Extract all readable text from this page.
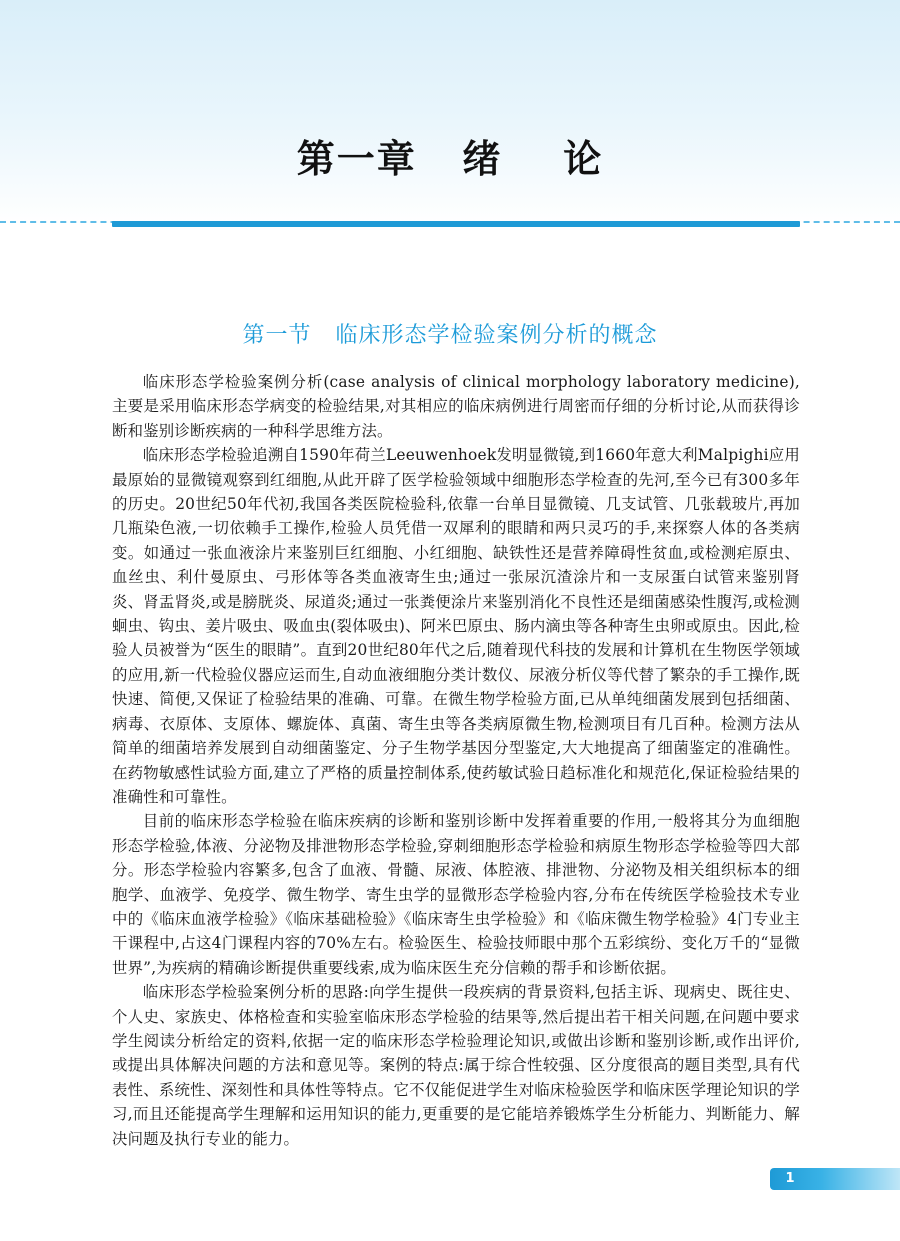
第一章   绪    论
第一节   临床形态学检验案例分析的概念

临床形态学检验案例分析(case analysis of clinical morphology laboratory medicine),主要是采用临床形态学病变的检验结果,对其相应的临床病例进行周密而仔细的分析讨论,从而获得诊断和鉴别诊断疾病的一种科学思维方法。

临床形态学检验追溯自1590年荷兰Leeuwenhoek发明显微镜,到1660年意大利Malpighi应用最原始的显微镜观察到红细胞,从此开辟了医学检验领域中细胞形态学检查的先河,至今已有300多年的历史。20世纪50年代初,我国各类医院检验科,依靠一台单目显微镜、几支试管、几张载玻片,再加几瓶染色液,一切依赖手工操作,检验人员凭借一双犀利的眼睛和两只灵巧的手,来探察人体的各类病变。如通过一张血液涂片来鉴别巨红细胞、小红细胞、缺铁性还是营养障碍性贫血,或检测疟原虫、血丝虫、利什曼原虫、弓形体等各类血液寄生虫;通过一张尿沉渣涂片和一支尿蛋白试管来鉴别肾炎、肾盂肾炎,或是膀胱炎、尿道炎;通过一张粪便涂片来鉴别消化不良性还是细菌感染性腹泻,或检测蛔虫、钩虫、姜片吸虫、吸血虫(裂体吸虫)、阿米巴原虫、肠内滴虫等各种寄生虫卵或原虫。因此,检验人员被誉为“医生的眼睛”。直到20世纪80年代之后,随着现代科技的发展和计算机在生物医学领域的应用,新一代检验仪器应运而生,自动血液细胞分类计数仪、尿液分析仪等代替了繁杂的手工操作,既快速、简便,又保证了检验结果的准确、可靠。在微生物学检验方面,已从单纯细菌发展到包括细菌、病毒、衣原体、支原体、螺旋体、真菌、寄生虫等各类病原微生物,检测项目有几百种。检测方法从简单的细菌培养发展到自动细菌鉴定、分子生物学基因分型鉴定,大大地提高了细菌鉴定的准确性。在药物敏感性试验方面,建立了严格的质量控制体系,使药敏试验日趋标准化和规范化,保证检验结果的准确性和可靠性。

目前的临床形态学检验在临床疾病的诊断和鉴别诊断中发挥着重要的作用,一般将其分为血细胞形态学检验,体液、分泌物及排泄物形态学检验,穿刺细胞形态学检验和病原生物形态学检验等四大部分。形态学检验内容繁多,包含了血液、骨髓、尿液、体腔液、排泄物、分泌物及相关组织标本的细胞学、血液学、免疫学、微生物学、寄生虫学的显微形态学检验内容,分布在传统医学检验技术专业中的《临床血液学检验》《临床基础检验》《临床寄生虫学检验》和《临床微生物学检验》4门专业主干课程中,占这4门课程内容的70%左右。检验医生、检验技师眼中那个五彩缤纷、变化万千的“显微世界”,为疾病的精确诊断提供重要线索,成为临床医生充分信赖的帮手和诊断依据。

临床形态学检验案例分析的思路:向学生提供一段疾病的背景资料,包括主诉、现病史、既往史、个人史、家族史、体格检查和实验室临床形态学检验的结果等,然后提出若干相关问题,在问题中要求学生阅读分析给定的资料,依据一定的临床形态学检验理论知识,或做出诊断和鉴别诊断,或作出评价,或提出具体解决问题的方法和意见等。案例的特点:属于综合性较强、区分度很高的题目类型,具有代表性、系统性、深刻性和具体性等特点。它不仅能促进学生对临床检验医学和临床医学理论知识的学习,而且还能提高学生理解和运用知识的能力,更重要的是它能培养锻炼学生分析能力、判断能力、解决问题及执行专业的能力。

1
